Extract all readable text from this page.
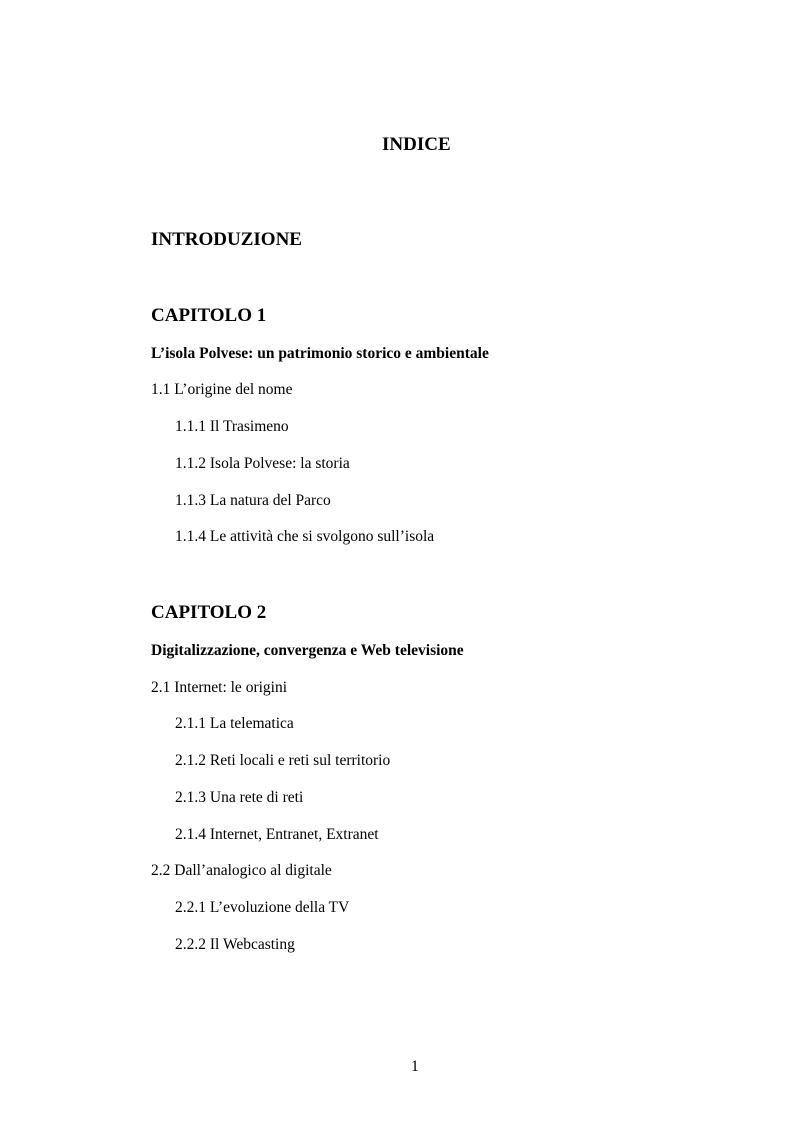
INDICE
INTRODUZIONE
CAPITOLO 1
L’isola Polvese: un patrimonio storico e ambientale
1.1 L’origine del nome
1.1.1 Il Trasimeno
1.1.2 Isola Polvese: la storia
1.1.3 La natura del Parco
1.1.4 Le attività che si svolgono sull’isola
CAPITOLO 2
Digitalizzazione, convergenza e Web televisione
2.1 Internet: le origini
2.1.1 La telematica
2.1.2 Reti locali e reti sul territorio
2.1.3 Una rete di reti
2.1.4 Internet, Entranet, Extranet
2.2 Dall’analogico al digitale
2.2.1 L’evoluzione della TV
2.2.2 Il Webcasting
1
